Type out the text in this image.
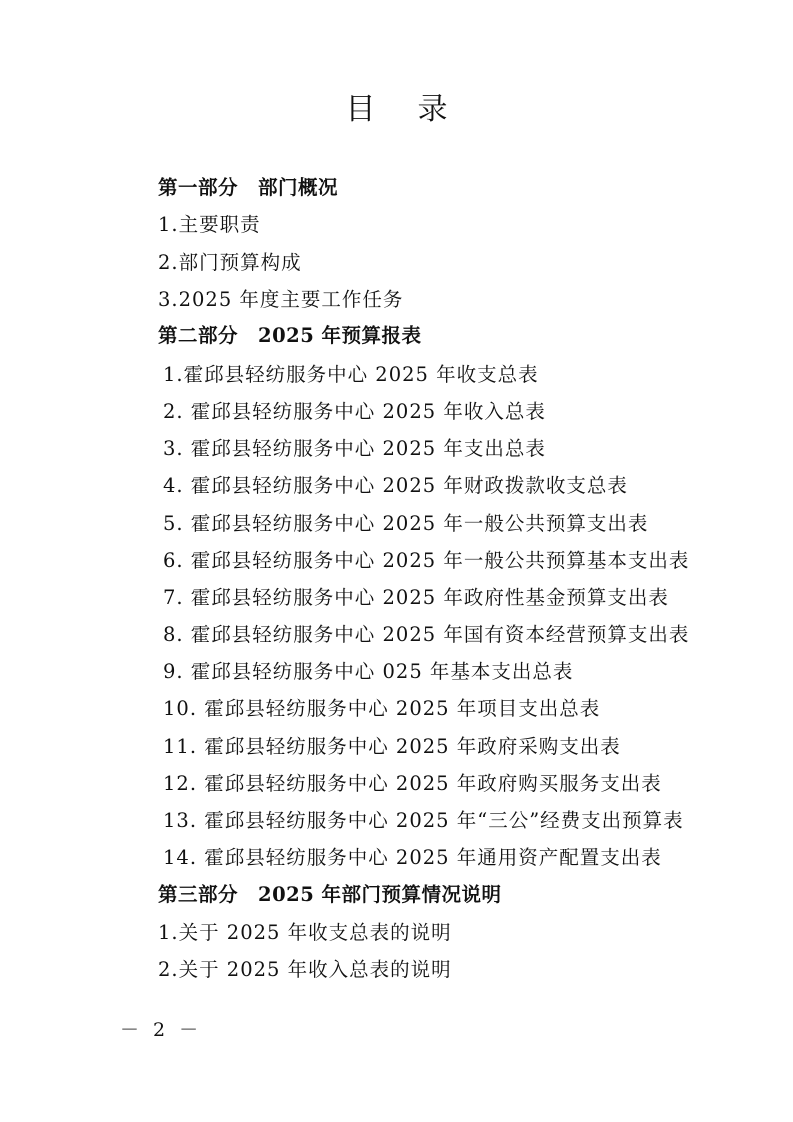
目录
第一部分　部门概况
1.主要职责
2.部门预算构成
3.2025 年度主要工作任务
第二部分　2025 年预算报表
1.霍邱县轻纺服务中心 2025 年收支总表
2. 霍邱县轻纺服务中心 2025 年收入总表
3. 霍邱县轻纺服务中心 2025 年支出总表
4. 霍邱县轻纺服务中心 2025 年财政拨款收支总表
5. 霍邱县轻纺服务中心 2025 年一般公共预算支出表
6. 霍邱县轻纺服务中心 2025 年一般公共预算基本支出表
7. 霍邱县轻纺服务中心 2025 年政府性基金预算支出表
8. 霍邱县轻纺服务中心 2025 年国有资本经营预算支出表
9. 霍邱县轻纺服务中心 025 年基本支出总表
10. 霍邱县轻纺服务中心 2025 年项目支出总表
11. 霍邱县轻纺服务中心 2025 年政府采购支出表
12. 霍邱县轻纺服务中心 2025 年政府购买服务支出表
13. 霍邱县轻纺服务中心 2025 年“三公”经费支出预算表
14. 霍邱县轻纺服务中心 2025 年通用资产配置支出表
第三部分　2025 年部门预算情况说明
1.关于 2025 年收支总表的说明
2.关于 2025 年收入总表的说明
－ 2 －
